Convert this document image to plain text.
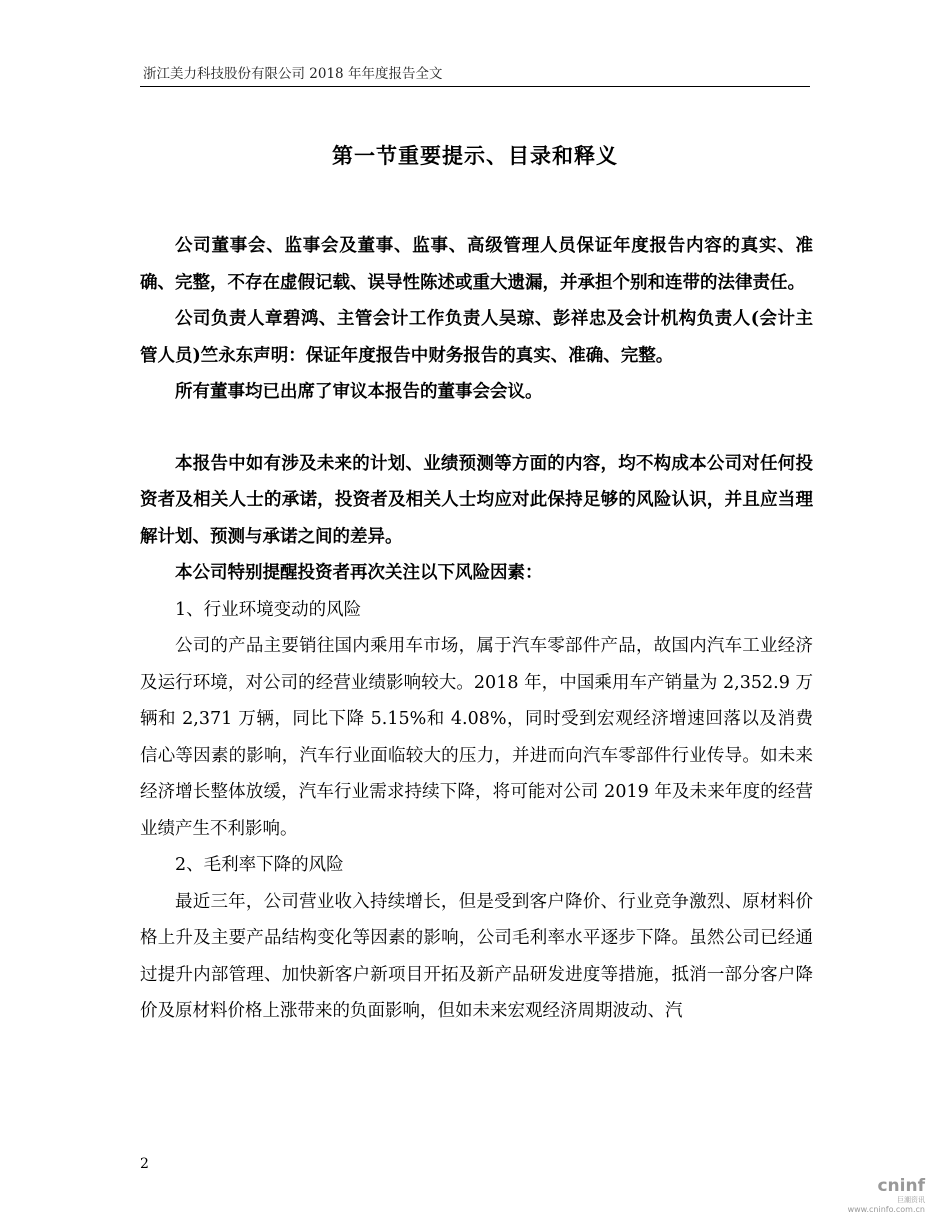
浙江美力科技股份有限公司 2018 年年度报告全文
第一节重要提示、目录和释义

公司董事会、监事会及董事、监事、高级管理人员保证年度报告内容的真实、准确、完整，不存在虚假记载、误导性陈述或重大遗漏，并承担个别和连带的法律责任。

公司负责人章碧鸿、主管会计工作负责人吴琼、彭祥忠及会计机构负责人(会计主管人员)竺永东声明：保证年度报告中财务报告的真实、准确、完整。

所有董事均已出席了审议本报告的董事会会议。

本报告中如有涉及未来的计划、业绩预测等方面的内容，均不构成本公司对任何投资者及相关人士的承诺，投资者及相关人士均应对此保持足够的风险认识，并且应当理解计划、预测与承诺之间的差异。

本公司特别提醒投资者再次关注以下风险因素：

1、行业环境变动的风险

公司的产品主要销往国内乘用车市场，属于汽车零部件产品，故国内汽车工业经济及运行环境，对公司的经营业绩影响较大。2018 年，中国乘用车产销量为 2,352.9 万辆和 2,371 万辆，同比下降 5.15%和 4.08%，同时受到宏观经济增速回落以及消费信心等因素的影响，汽车行业面临较大的压力，并进而向汽车零部件行业传导。如未来经济增长整体放缓，汽车行业需求持续下降，将可能对公司 2019 年及未来年度的经营业绩产生不利影响。

2、毛利率下降的风险

最近三年，公司营业收入持续增长，但是受到客户降价、行业竞争激烈、原材料价格上升及主要产品结构变化等因素的影响，公司毛利率水平逐步下降。虽然公司已经通过提升内部管理、加快新客户新项目开拓及新产品研发进度等措施，抵消一部分客户降价及原材料价格上涨带来的负面影响，但如未来宏观经济周期波动、汽

2
cninf
巨潮资讯
www.cninfo.com.cn
